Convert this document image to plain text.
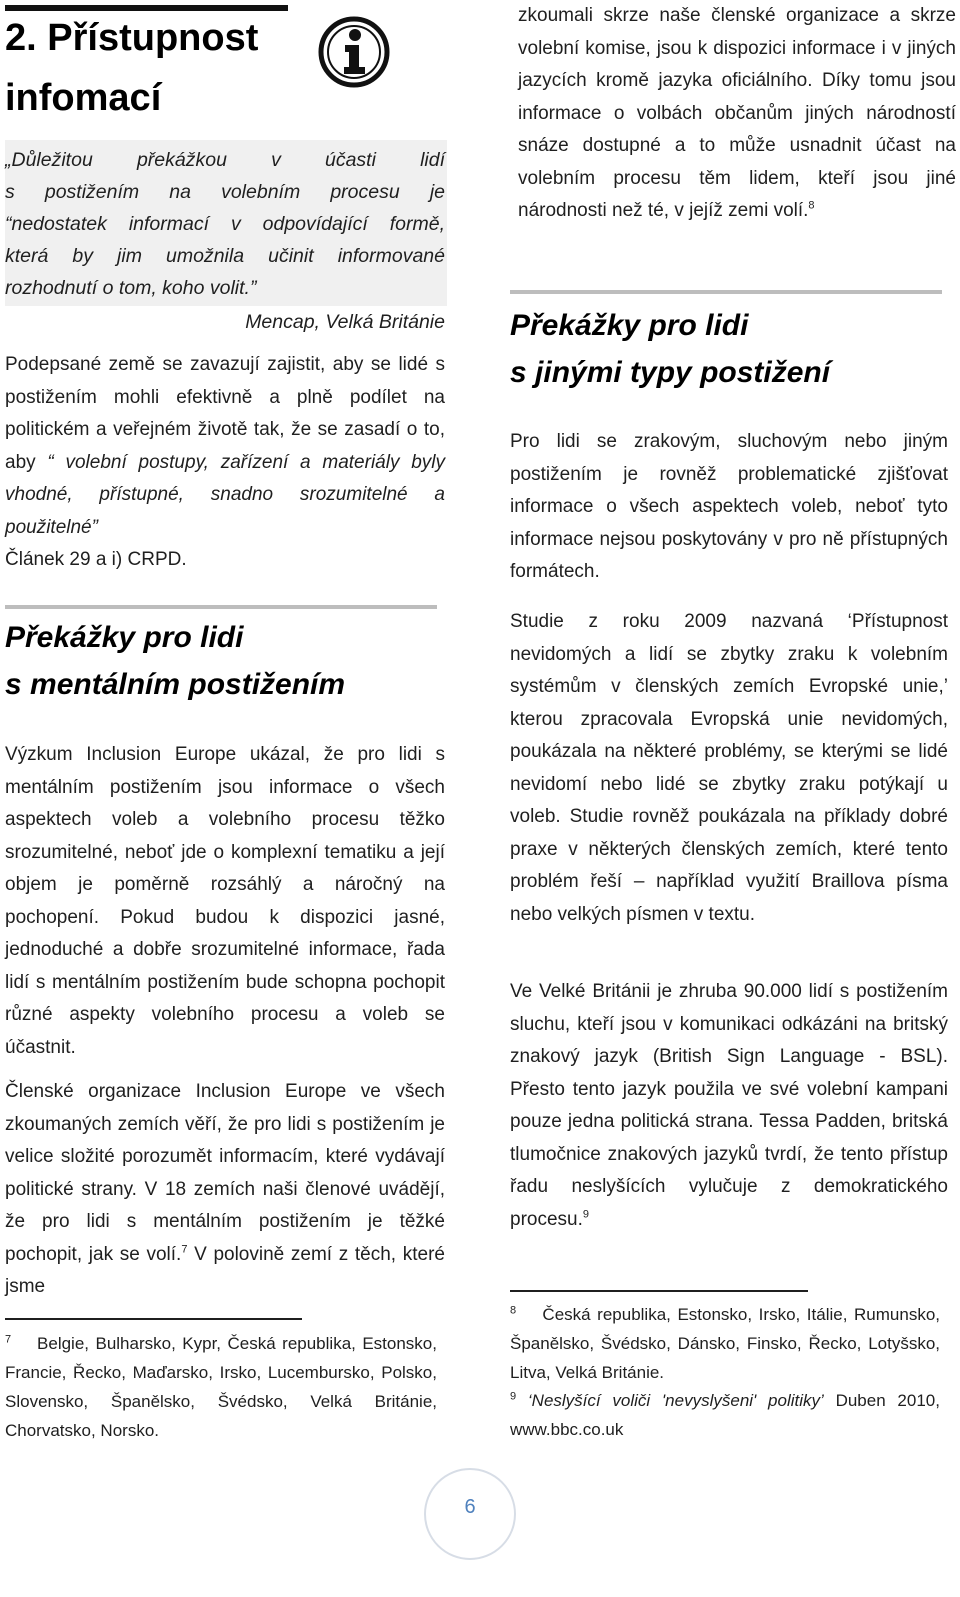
2. Přístupnost infomací
„Důležitou překážkou v účasti lidí
s postižením na volebním procesu je
“nedostatek informací v odpovídající formě,
která by jim umožnila učinit informované
rozhodnutí o tom, koho volit.”

Mencap, Velká Británie

Podepsané země se zavazují zajistit, aby se lidé s postižením mohli efektivně a plně podílet na politickém a veřejném životě tak, že se zasadí o to, aby “ volební postupy, zařízení a materiály byly vhodné, přístupné, snadno srozumitelné a použitelné”
Článek 29 a i) CRPD.

Překážky pro lidi
s mentálním postižením

Výzkum Inclusion Europe ukázal, že pro lidi s mentálním postižením jsou informace o všech aspektech voleb a volebního procesu těžko srozumitelné, neboť jde o komplexní tematiku a její objem je poměrně rozsáhlý a náročný na pochopení. Pokud budou k dispozici jasné, jednoduché a dobře srozumitelné informace, řada lidí s mentálním postižením bude schopna pochopit různé aspekty volebního procesu a voleb se účastnit.

Členské organizace Inclusion Europe ve všech zkoumaných zemích věří, že pro lidi s postižením je velice složité porozumět informacím, které vydávají politické strany. V 18 zemích naši členové uvádějí, že pro lidi s mentálním postižením je těžké pochopit, jak se volí.$^7$ V polovině zemí z těch, které jsme

$^7$ Belgie, Bulharsko, Kypr, Česká republika, Estonsko, Francie, Řecko, Maďarsko, Irsko, Lucembursko, Polsko, Slovensko, Španělsko, Švédsko, Velká Británie, Chorvatsko, Norsko.

zkoumali skrze naše členské organizace a skrze volební komise, jsou k dispozici informace i v jiných jazycích kromě jazyka oficiálního. Díky tomu jsou informace o volbách občanům jiných národností snáze dostupné a to může usnadnit účast na volebním procesu těm lidem, kteří jsou jiné národnosti než té, v jejíž zemi volí.$^8$

Překážky pro lidi
s jinými typy postižení

Pro lidi se zrakovým, sluchovým nebo jiným postižením je rovněž problematické zjišťovat informace o všech aspektech voleb, neboť tyto informace nejsou poskytovány v pro ně přístupných formátech.

Studie z roku 2009 nazvaná ‘Přístupnost nevidomých a lidí se zbytky zraku k volebním systémům v členských zemích Evropské unie,’ kterou zpracovala Evropská unie nevidomých, poukázala na některé problémy, se kterými se lidé nevidomí nebo lidé se zbytky zraku potýkají u voleb. Studie rovněž poukázala na příklady dobré praxe v některých členských zemích, které tento problém řeší – například využití Braillova písma nebo velkých písmen v textu.

Ve Velké Británii je zhruba 90.000 lidí s postižením sluchu, kteří jsou v komunikaci odkázáni na britský znakový jazyk (British Sign Language - BSL). Přesto tento jazyk použila ve své volební kampani pouze jedna politická strana. Tessa Padden, britská tlumočnice znakových jazyků tvrdí, že tento přístup řadu neslyšících vylučuje z demokratického procesu.$^9$

$^8$ Česká republika, Estonsko, Irsko, Itálie, Rumunsko, Španělsko, Švédsko, Dánsko, Finsko, Řecko, Lotyšsko, Litva, Velká Británie.

$^9$ ‘Neslyšící voliči 'nevyslyšeni' politiky’ Duben 2010, www.bbc.co.uk

6
